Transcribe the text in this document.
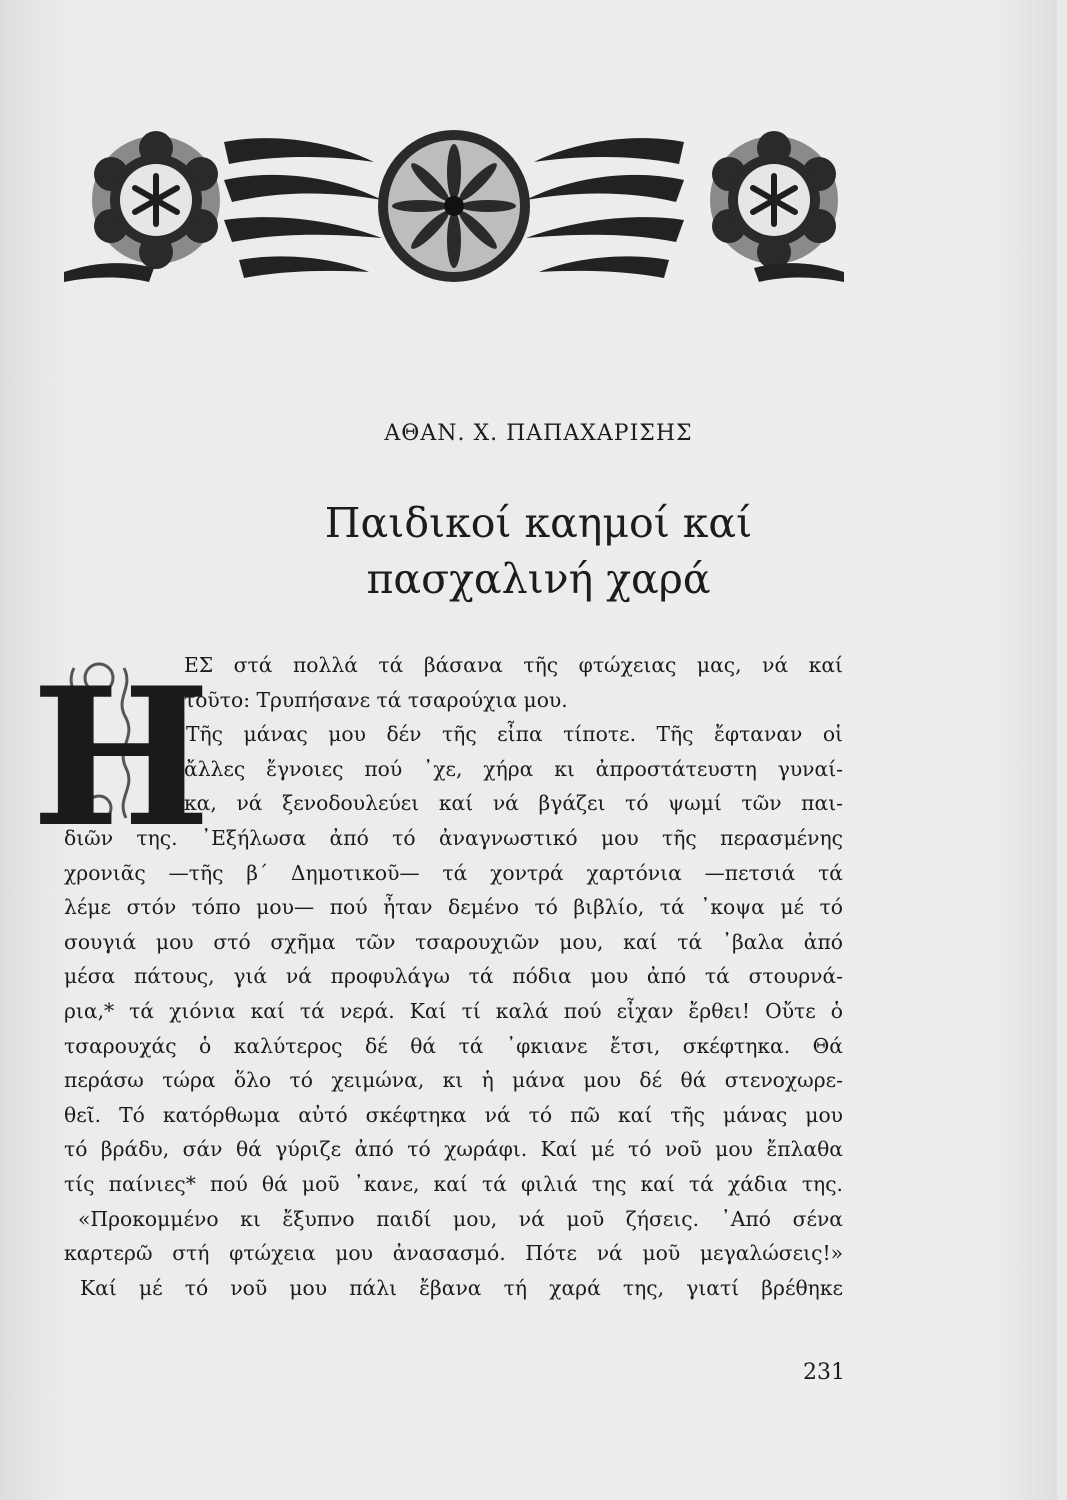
ΑΘΑΝ. Χ. ΠΑΠΑΧΑΡΙΣΗΣ
Παιδικοί καημοί καί
πασχαλινή χαρά
Η
ΕΣ στά πολλά τά βάσανα τῆς φτώχειας μας, νά καί
τοῦτο: Τρυπήσανε τά τσαρούχια μου.
Τῆς μάνας μου δέν τῆς εἶπα τίποτε. Τῆς ἔφταναν οἱ
ἄλλες ἔγνοιες πού ᾽χε, χήρα κι ἀπροστάτευστη γυναί-
κα, νά ξενοδουλεύει καί νά βγάζει τό ψωμί τῶν παι-
διῶν της. ᾽Εξήλωσα ἀπό τό ἀναγνωστικό μου τῆς περασμένης
χρονιᾶς —τῆς β΄ Δημοτικοῦ— τά χοντρά χαρτόνια —πετσιά τά
λέμε στόν τόπο μου— πού ἦταν δεμένο τό βιβλίο, τά ᾽κοψα μέ τό
σουγιά μου στό σχῆμα τῶν τσαρουχιῶν μου, καί τά ᾽βαλα ἀπό
μέσα πάτους, γιά νά προφυλάγω τά πόδια μου ἀπό τά στουρνά-
ρια,* τά χιόνια καί τά νερά. Καί τί καλά πού εἶχαν ἔρθει! Οὔτε ὁ
τσαρουχάς ὁ καλύτερος δέ θά τά ᾽φκιανε ἔτσι, σκέφτηκα. Θά
περάσω τώρα ὅλο τό χειμώνα, κι ἡ μάνα μου δέ θά στενοχωρε-
θεῖ. Τό κατόρθωμα αὐτό σκέφτηκα νά τό πῶ καί τῆς μάνας μου
τό βράδυ, σάν θά γύριζε ἀπό τό χωράφι. Καί μέ τό νοῦ μου ἔπλαθα
τίς παίνιες* πού θά μοῦ ᾽κανε, καί τά φιλιά της καί τά χάδια της.
«Προκομμένο κι ἔξυπνο παιδί μου, νά μοῦ ζήσεις. ᾽Από σένα
καρτερῶ στή φτώχεια μου ἀνασασμό. Πότε νά μοῦ μεγαλώσεις!»
Καί μέ τό νοῦ μου πάλι ἔβανα τή χαρά της, γιατί βρέθηκε
231
